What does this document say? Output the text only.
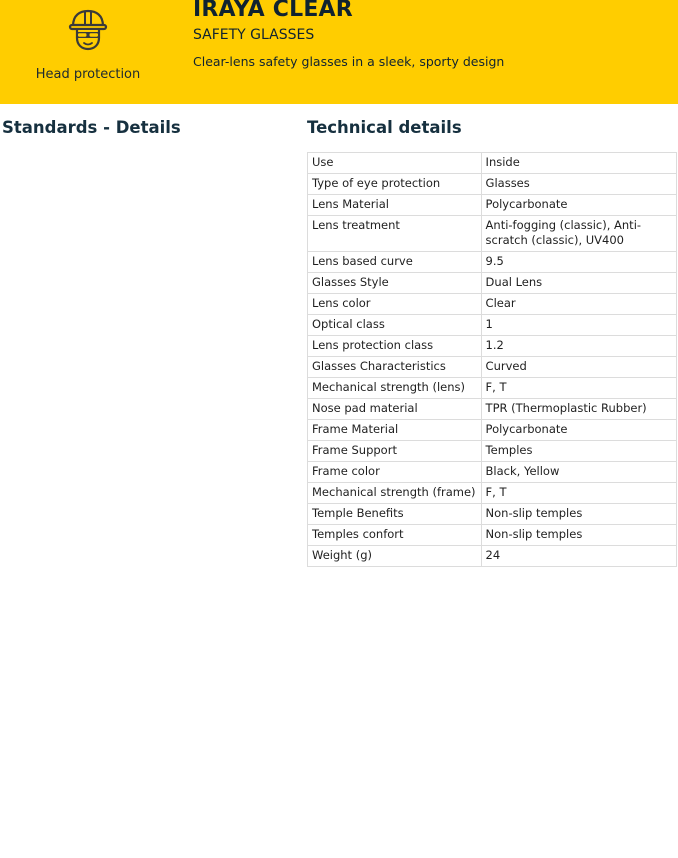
Head protection
IRAYA CLEAR
SAFETY GLASSES
Clear-lens safety glasses in a sleek, sporty design
Standards - Details	Technical details
Use	Inside
Type of eye protection	Glasses
Lens Material	Polycarbonate
Lens treatment	Anti-fogging (classic), Anti-scratch (classic), UV400
Lens based curve	9.5
Glasses Style	Dual Lens
Lens color	Clear
Optical class	1
Lens protection class	1.2
Glasses Characteristics	Curved
Mechanical strength (lens)	F, T
Nose pad material	TPR (Thermoplastic Rubber)
Frame Material	Polycarbonate
Frame Support	Temples
Frame color	Black, Yellow
Mechanical strength (frame)	F, T
Temple Benefits	Non-slip temples
Temples confort	Non-slip temples
Weight (g)	24
